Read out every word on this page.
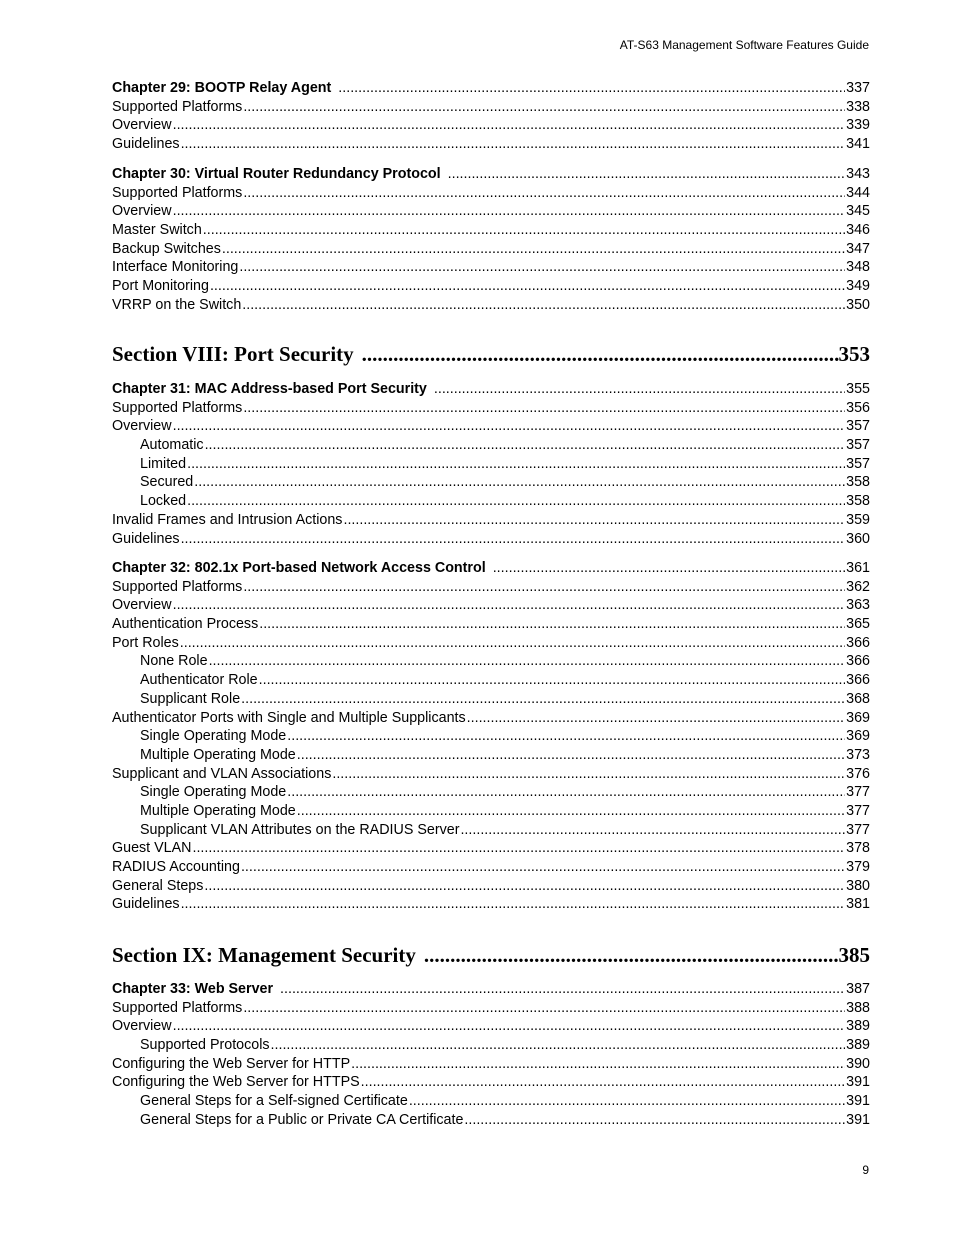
AT-S63 Management Software Features Guide
Chapter 29: BOOTP Relay Agent .....	337
Supported Platforms .....	338
Overview .....	339
Guidelines .....	341
Chapter 30: Virtual Router Redundancy Protocol .....	343
Supported Platforms .....	344
Overview .....	345
Master Switch .....	346
Backup Switches .....	347
Interface Monitoring .....	348
Port Monitoring .....	349
VRRP on the Switch .....	350
Section VIII: Port Security .....	353
Chapter 31: MAC Address-based Port Security .....	355
Supported Platforms .....	356
Overview .....	357
Automatic .....	357
Limited .....	357
Secured .....	358
Locked .....	358
Invalid Frames and Intrusion Actions .....	359
Guidelines .....	360
Chapter 32: 802.1x Port-based Network Access Control .....	361
Supported Platforms .....	362
Overview .....	363
Authentication Process .....	365
Port Roles .....	366
None Role .....	366
Authenticator Role .....	366
Supplicant Role .....	368
Authenticator Ports with Single and Multiple Supplicants .....	369
Single Operating Mode .....	369
Multiple Operating Mode .....	373
Supplicant and VLAN Associations .....	376
Single Operating Mode .....	377
Multiple Operating Mode .....	377
Supplicant VLAN Attributes on the RADIUS Server .....	377
Guest VLAN .....	378
RADIUS Accounting .....	379
General Steps .....	380
Guidelines .....	381
Section IX: Management Security .....	385
Chapter 33: Web Server .....	387
Supported Platforms .....	388
Overview .....	389
Supported Protocols .....	389
Configuring the Web Server for HTTP .....	390
Configuring the Web Server for HTTPS .....	391
General Steps for a Self-signed Certificate .....	391
General Steps for a Public or Private CA Certificate .....	391
9
